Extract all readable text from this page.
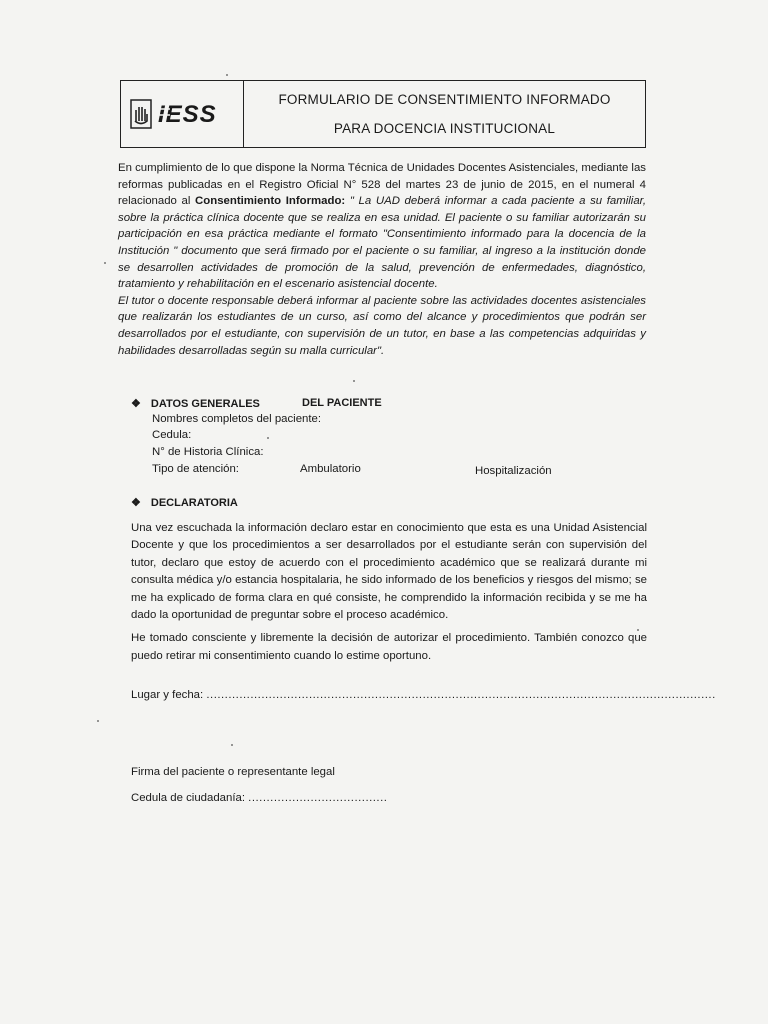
IESS
FORMULARIO DE CONSENTIMIENTO INFORMADO
PARA DOCENCIA INSTITUCIONAL

En cumplimiento de lo que dispone la Norma Técnica de Unidades Docentes Asistenciales, mediante las reformas publicadas en el Registro Oficial N° 528 del martes 23 de junio de 2015, en el numeral 4 relacionado al Consentimiento Informado: " La UAD deberá informar a cada paciente a su familiar, sobre la práctica clínica docente que se realiza en esa unidad. El paciente o su familiar autorizarán su participación en esa práctica mediante el formato "Consentimiento informado para la docencia de la Institución " documento que será firmado por el paciente o su familiar, al ingreso a la institución donde se desarrollen actividades de promoción de la salud, prevención de enfermedades, diagnóstico, tratamiento y rehabilitación en el escenario asistencial docente.

El tutor o docente responsable deberá informar al paciente sobre las actividades docentes asistenciales que realizarán los estudiantes de un curso, así como del alcance y procedimientos que podrán ser desarrollados por el estudiante, con supervisión de un tutor, en base a las competencias adquiridas y habilidades desarrolladas según su malla curricular".

❖ DATOS GENERALES	DEL PACIENTE
Nombres completos del paciente:
Cedula:
N° de Historia Clínica:
Tipo de atención:	Ambulatorio	Hospitalización
❖ DECLARATORIA

Una vez escuchada la información declaro estar en conocimiento que esta es una Unidad Asistencial Docente y que los procedimientos a ser desarrollados por el estudiante serán con supervisión del tutor, declaro que estoy de acuerdo con el procedimiento académico que se realizará durante mi consulta médica y/o estancia hospitalaria, he sido informado de los beneficios y riesgos del mismo; se me ha explicado de forma clara en qué consiste, he comprendido la información recibida y se me ha dado la oportunidad de preguntar sobre el proceso académico.

He tomado consciente y libremente la decisión de autorizar el procedimiento. También conozco que puedo retirar mi consentimiento cuando lo estime oportuno.

Lugar y fecha: ...........................................................................................................................................
Firma del paciente o representante legal
Cedula de ciudadanía: ......................................
